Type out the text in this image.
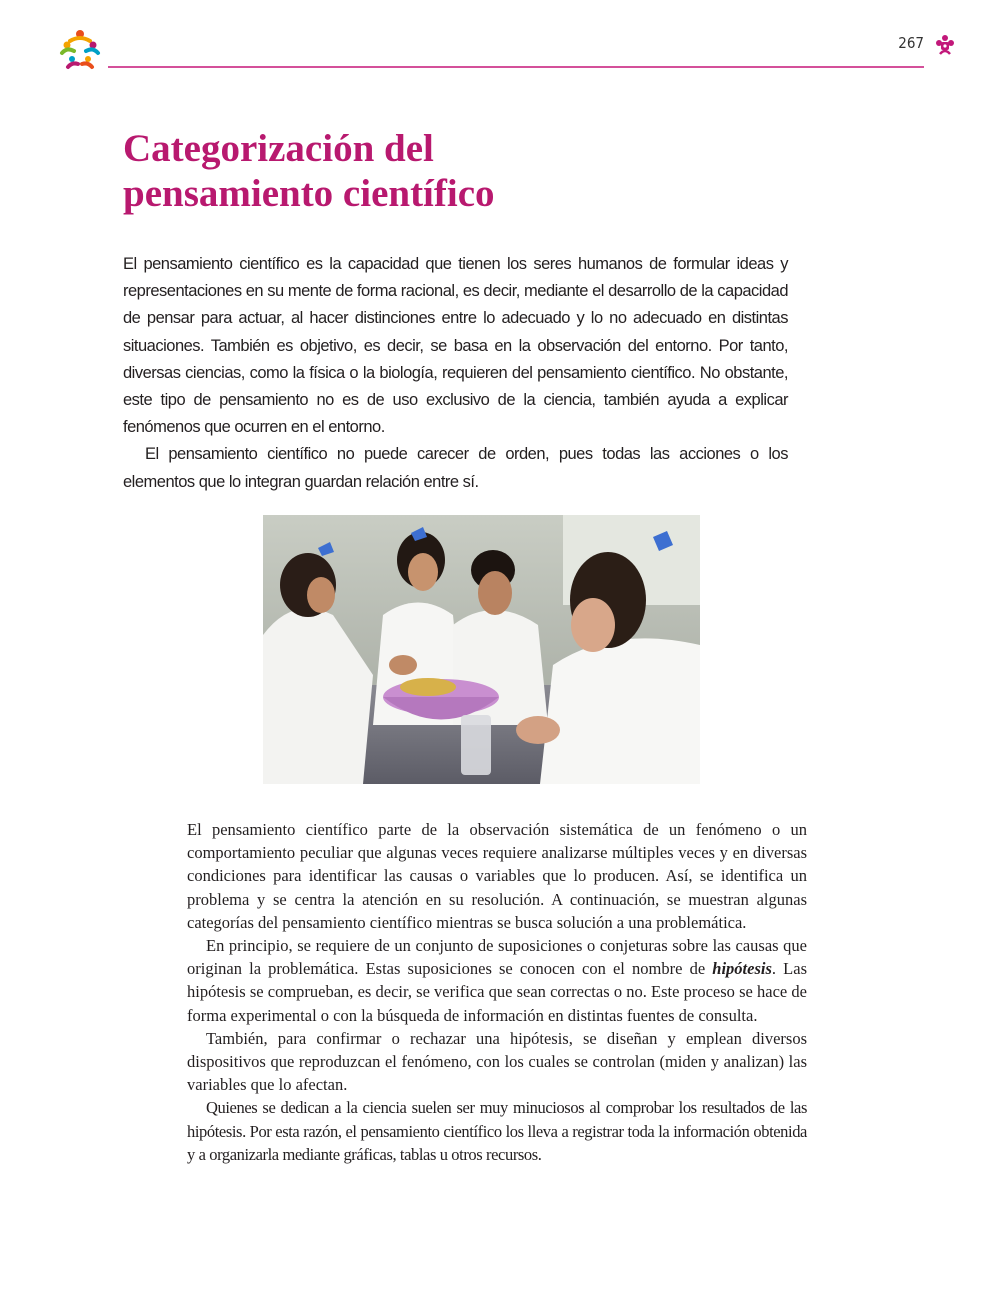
267
Categorización del
pensamiento científico

El pensamiento científico es la capacidad que tienen los seres humanos de formular ideas y representaciones en su mente de forma racional, es decir, mediante el desarrollo de la capacidad de pensar para actuar, al hacer distinciones entre lo adecuado y lo no adecuado en distintas situaciones. También es objetivo, es decir, se basa en la observación del entorno. Por tanto, diversas ciencias, como la física o la biología, requieren del pensamiento científico. No obstante, este tipo de pensamiento no es de uso exclusivo de la ciencia, también ayuda a explicar fenómenos que ocurren en el entorno.

El pensamiento científico no puede carecer de orden, pues todas las acciones o los elementos que lo integran guardan relación entre sí.

El pensamiento científico parte de la observación sistemática de un fenómeno o un comportamiento peculiar que algunas veces requiere analizarse múltiples veces y en diversas condiciones para identificar las causas o variables que lo producen. Así, se identifica un problema y se centra la atención en su resolución. A continuación, se muestran algunas categorías del pensamiento científico mientras se busca solución a una problemática.

En principio, se requiere de un conjunto de suposiciones o conjeturas sobre las causas que originan la problemática. Estas suposiciones se conocen con el nombre de hipótesis. Las hipótesis se comprueban, es decir, se verifica que sean correctas o no. Este proceso se hace de forma experimental o con la búsqueda de información en distintas fuentes de consulta.

También, para confirmar o rechazar una hipótesis, se diseñan y emplean diversos dispositivos que reproduzcan el fenómeno, con los cuales se controlan (miden y analizan) las variables que lo afectan.

Quienes se dedican a la ciencia suelen ser muy minuciosos al comprobar los resultados de las hipótesis. Por esta razón, el pensamiento científico los lleva a registrar toda la información obtenida y a organizarla mediante gráficas, tablas u otros recursos.
